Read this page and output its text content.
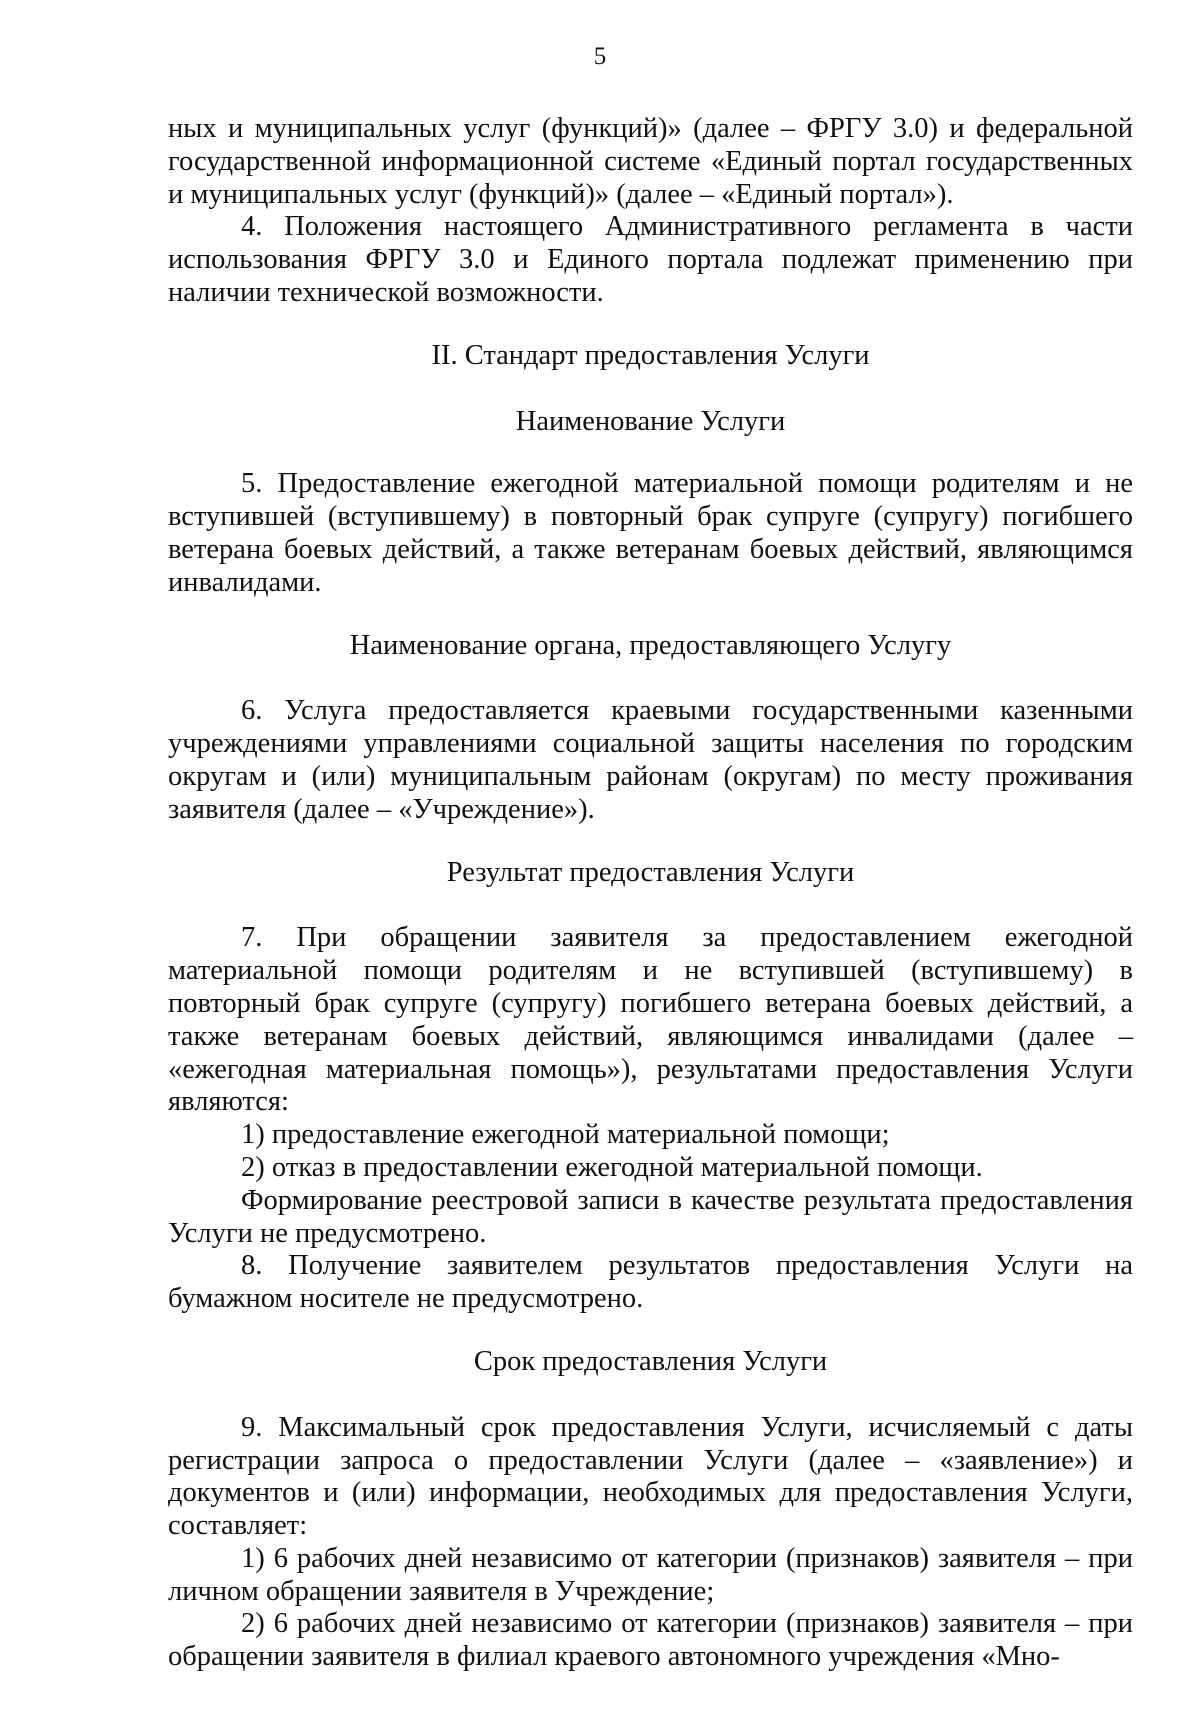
5

ных и муниципальных услуг (функций)» (далее – ФРГУ 3.0) и федеральной государственной информационной системе «Единый портал государственных и муниципальных услуг (функций)» (далее – «Единый портал»).

4. Положения настоящего Административного регламента в части использования ФРГУ 3.0 и Единого портала подлежат применению при наличии технической возможности.

II. Стандарт предоставления Услуги
Наименование Услуги

5. Предоставление ежегодной материальной помощи родителям и не вступившей (вступившему) в повторный брак супруге (супругу) погибшего ветерана боевых действий, а также ветеранам боевых действий, являющимся инвалидами.

Наименование органа, предоставляющего Услугу

6. Услуга предоставляется краевыми государственными казенными учреждениями управлениями социальной защиты населения по городским округам и (или) муниципальным районам (округам) по месту проживания заявителя (далее – «Учреждение»).

Результат предоставления Услуги

7. При обращении заявителя за предоставлением ежегодной материальной помощи родителям и не вступившей (вступившему) в повторный брак супруге (супругу) погибшего ветерана боевых действий, а также ветеранам боевых действий, являющимся инвалидами (далее – «ежегодная материальная помощь»), результатами предоставления Услуги являются:

1) предоставление ежегодной материальной помощи;

2) отказ в предоставлении ежегодной материальной помощи.

Формирование реестровой записи в качестве результата предоставления Услуги не предусмотрено.

8. Получение заявителем результатов предоставления Услуги на бумажном носителе не предусмотрено.

Срок предоставления Услуги

9. Максимальный срок предоставления Услуги, исчисляемый с даты регистрации запроса о предоставлении Услуги (далее – «заявление») и документов и (или) информации, необходимых для предоставления Услуги, составляет:

1) 6 рабочих дней независимо от категории (признаков) заявителя – при личном обращении заявителя в Учреждение;

2) 6 рабочих дней независимо от категории (признаков) заявителя – при обращении заявителя в филиал краевого автономного учреждения «Мно-
